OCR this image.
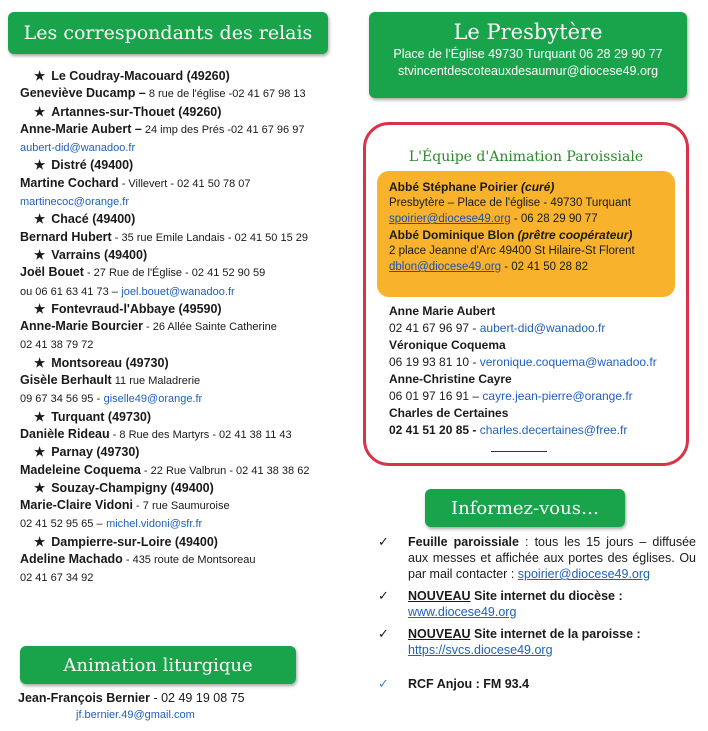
Les correspondants des relais
★ Le Coudray-Macouard (49260)
Geneviève Ducamp – 8 rue de l'église -02 41 67 98 13
★ Artannes-sur-Thouet (49260)
Anne-Marie Aubert – 24 imp des Prés -02 41 67 96 97
aubert-did@wanadoo.fr
★ Distré (49400)
Martine Cochard - Villevert - 02 41 50 78 07
martinecoc@orange.fr
★ Chacé (49400)
Bernard Hubert - 35 rue Emile Landais - 02 41 50 15 29
★ Varrains (49400)
Joël Bouet - 27 Rue de l'Église - 02 41 52 90 59
ou 06 61 63 41 73 – joel.bouet@wanadoo.fr
★ Fontevraud-l'Abbaye (49590)
Anne-Marie Bourcier - 26 Allée Sainte Catherine
02 41 38 79 72
★ Montsoreau (49730)
Gisèle Berhault 11 rue Maladrerie
09 67 34 56 95 - giselle49@orange.fr
★ Turquant (49730)
Danièle Rideau - 8 Rue des Martyrs - 02 41 38 11 43
★ Parnay (49730)
Madeleine Coquema - 22 Rue Valbrun - 02 41 38 38 62
★ Souzay-Champigny (49400)
Marie-Claire Vidoni - 7 rue Saumuroise
02 41 52 95 65 – michel.vidoni@sfr.fr
★ Dampierre-sur-Loire (49400)
Adeline Machado - 435 route de Montsoreau
02 41 67 34 92
Animation liturgique
Jean-François Bernier - 02 49 19 08 75
jf.bernier.49@gmail.com
Le Presbytère
Place de l'Église 49730 Turquant 06 28 29 90 77
stvincentdescoteauxdesaumur@diocese49.org
L'Équipe d'Animation Paroissiale
Abbé Stéphane Poirier (curé)
Presbytère – Place de l'église - 49730 Turquant
spoirier@diocese49.org - 06 28 29 90 77
Abbé Dominique Blon (prêtre coopérateur)
2 place Jeanne d'Arc 49400 St Hilaire-St Florent
dblon@diocese49.org - 02 41 50 28 82
Anne Marie Aubert
02 41 67 96 97 - aubert-did@wanadoo.fr
Véronique Coquema
06 19 93 81 10 - veronique.coquema@wanadoo.fr
Anne-Christine Cayre
06 01 97 16 91 – cayre.jean-pierre@orange.fr
Charles de Certaines
02 41 51 20 85 - charles.decertaines@free.fr
Informez-vous…
✓ Feuille paroissiale : tous les 15 jours – diffusée aux messes et affichée aux portes des églises. Ou par mail contacter : spoirier@diocese49.org
✓ NOUVEAU Site internet du diocèse :
www.diocese49.org
✓ NOUVEAU Site internet de la paroisse :
https://svcs.diocese49.org
✓ RCF Anjou : FM 93.4
